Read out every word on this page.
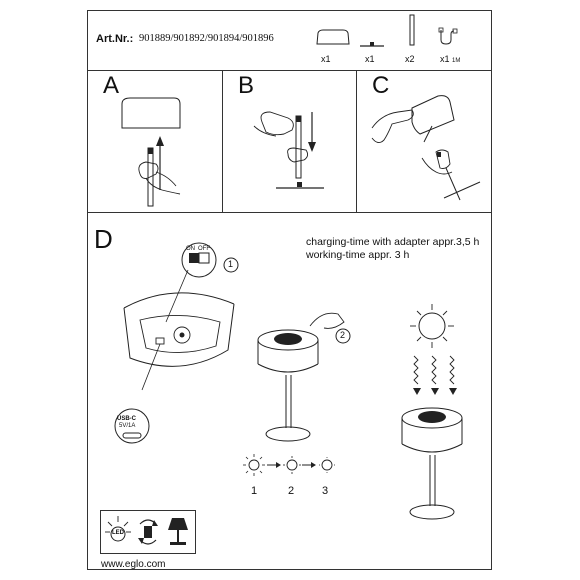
Art.Nr.: 901889/901892/901894/901896
x1	x1	x2	x1 1M
A	B	C
D	charging-time with adapter appr.3,5 h
working-time appr. 3 h
ON OFF
1
USB-C
5V/1A
2
1	2	3
LED
www.eglo.com
